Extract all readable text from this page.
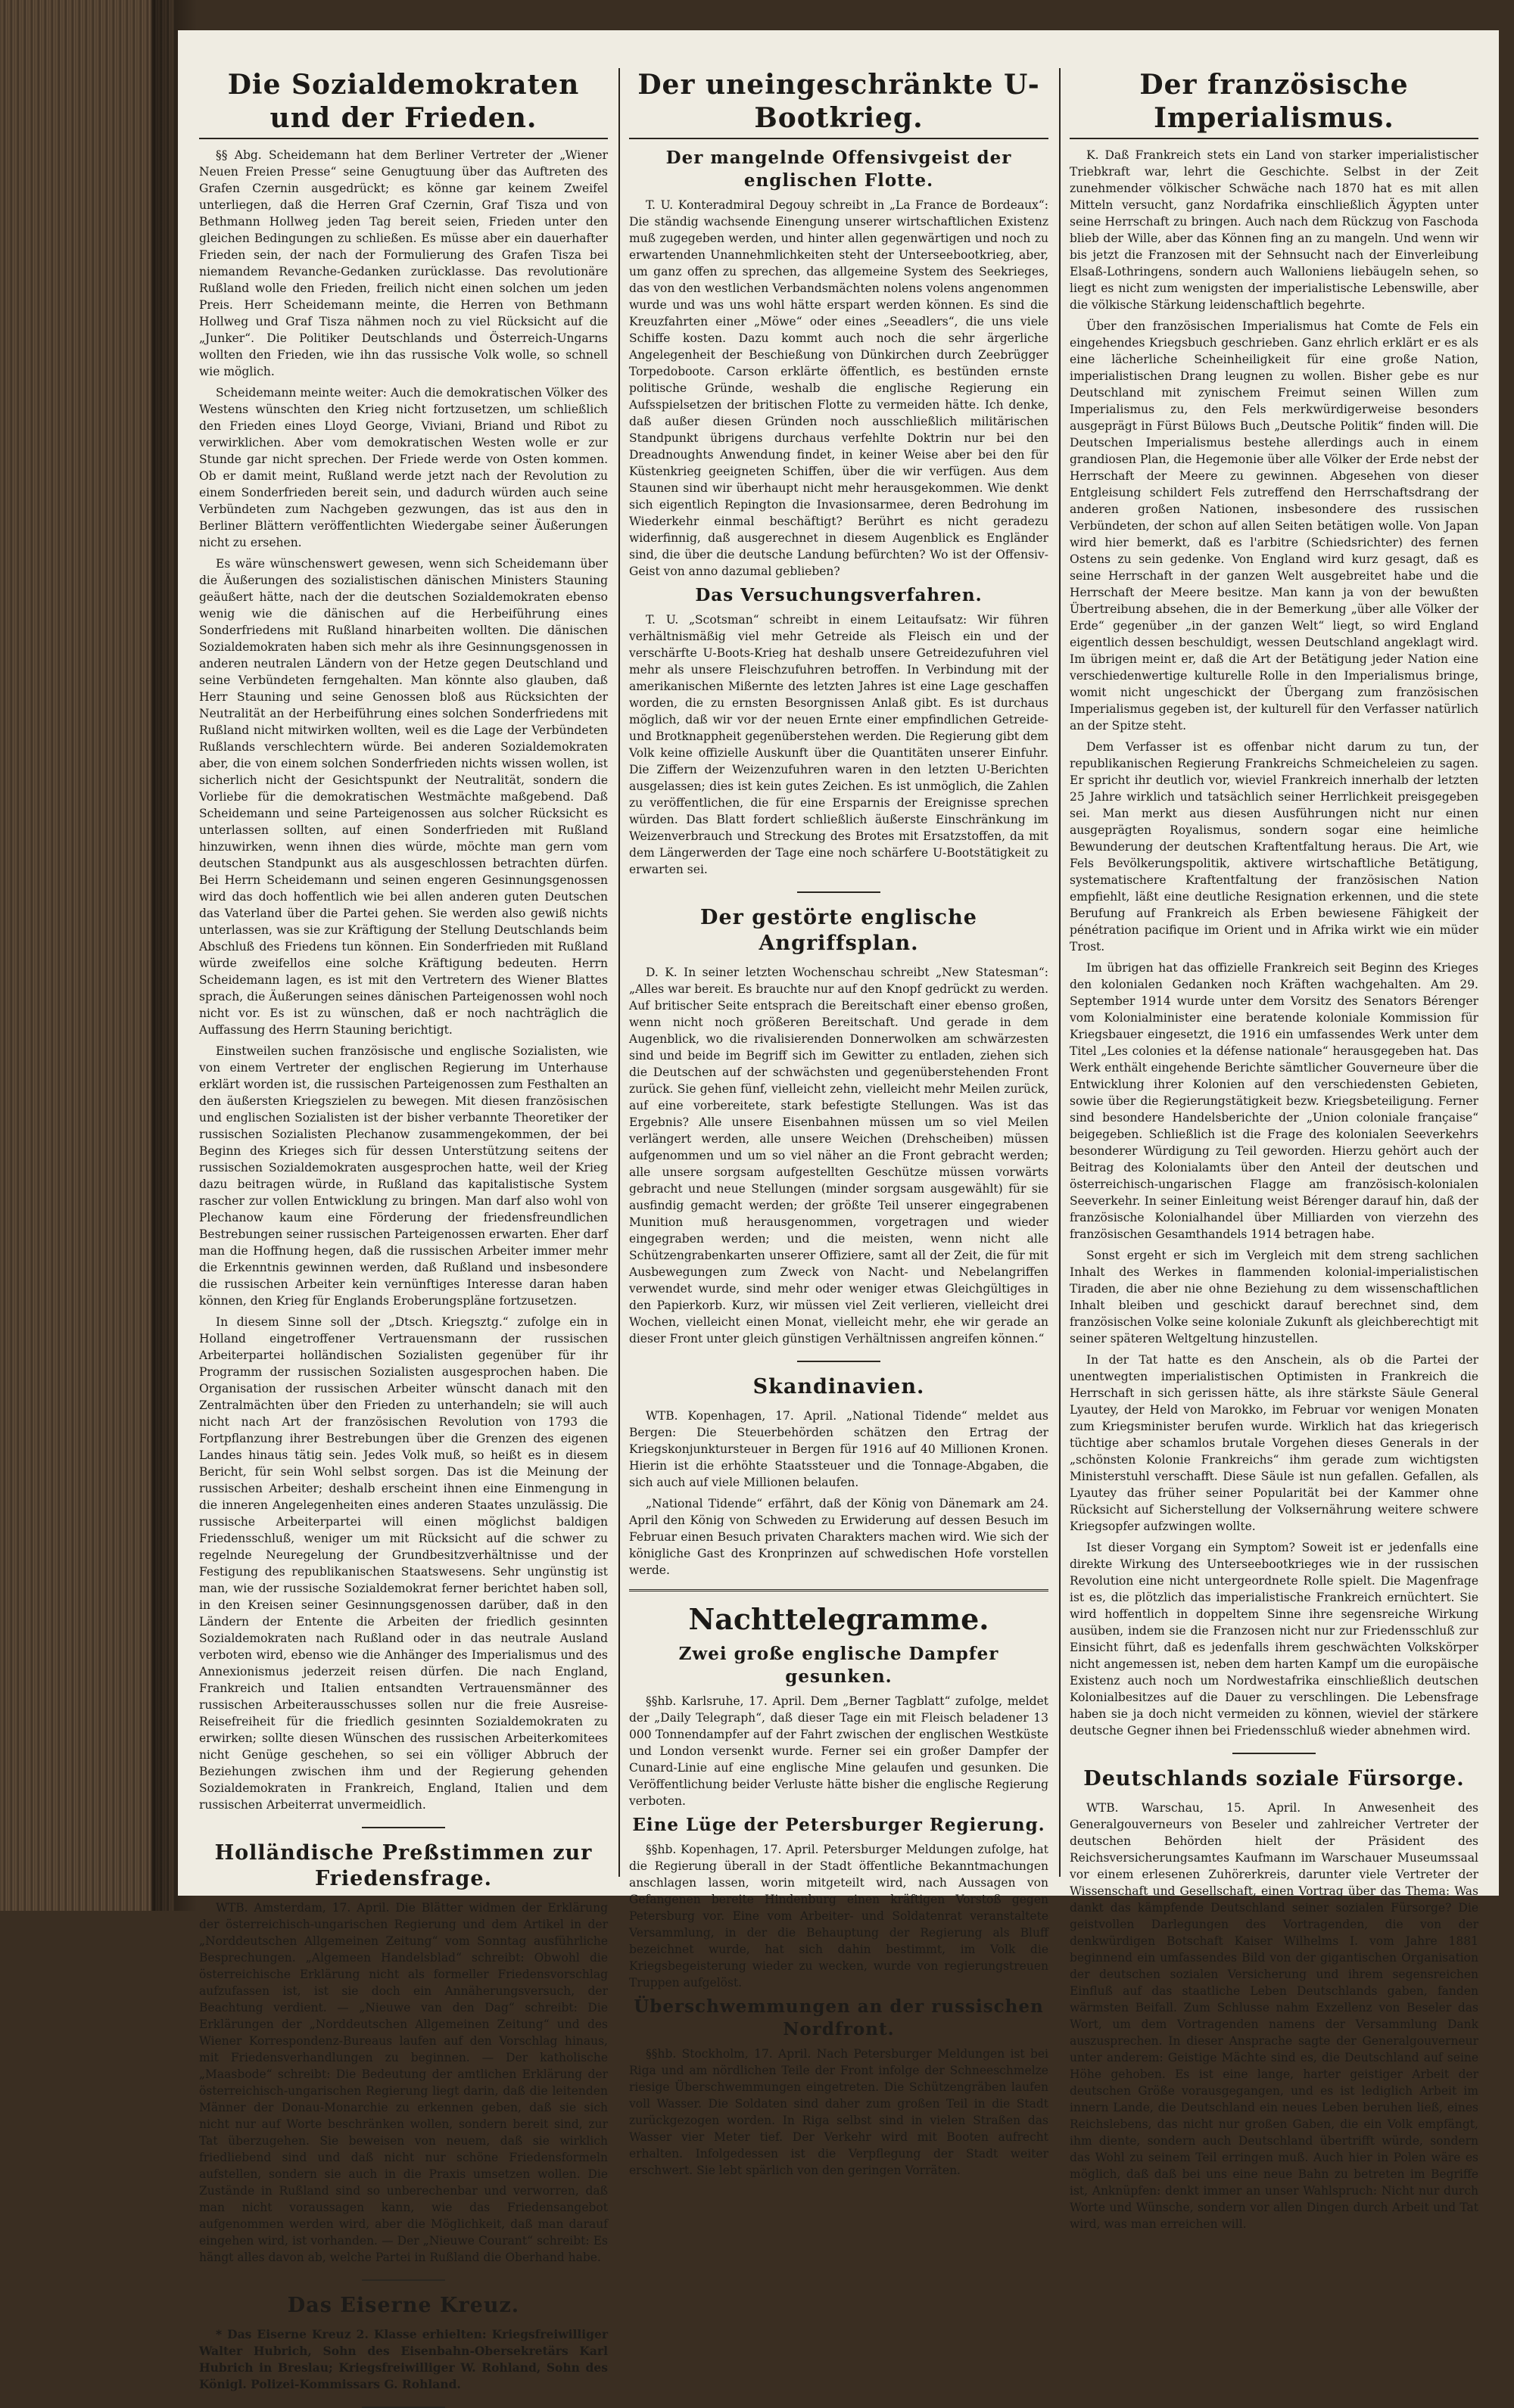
Die Sozialdemokraten und der Frieden.

§§ Abg. Scheidemann hat dem Berliner Vertreter der „Wiener Neuen Freien Presse“ seine Genugtuung über das Auftreten des Grafen Czernin ausgedrückt; es könne gar keinem Zweifel unterliegen, daß die Herren Graf Czernin, Graf Tisza und von Bethmann Hollweg jeden Tag bereit seien, Frieden unter den gleichen Bedingungen zu schließen. Es müsse aber ein dauerhafter Frieden sein, der nach der Formulierung des Grafen Tisza bei niemandem Revanche-Gedanken zurücklasse. Das revolutionäre Rußland wolle den Frieden, freilich nicht einen solchen um jeden Preis. Herr Scheidemann meinte, die Herren von Bethmann Hollweg und Graf Tisza nähmen noch zu viel Rücksicht auf die „Junker“. Die Politiker Deutschlands und Österreich-Ungarns wollten den Frieden, wie ihn das russische Volk wolle, so schnell wie möglich.

Scheidemann meinte weiter: Auch die demokratischen Völker des Westens wünschten den Krieg nicht fortzusetzen, um schließlich den Frieden eines Lloyd George, Viviani, Briand und Ribot zu verwirklichen. Aber vom demokratischen Westen wolle er zur Stunde gar nicht sprechen. Der Friede werde von Osten kommen. Ob er damit meint, Rußland werde jetzt nach der Revolution zu einem Sonderfrieden bereit sein, und dadurch würden auch seine Verbündeten zum Nachgeben gezwungen, das ist aus den in Berliner Blättern veröffentlichten Wiedergabe seiner Äußerungen nicht zu ersehen.

Es wäre wünschenswert gewesen, wenn sich Scheidemann über die Äußerungen des sozialistischen dänischen Ministers Stauning geäußert hätte, nach der die deutschen Sozialdemokraten ebenso wenig wie die dänischen auf die Herbeiführung eines Sonderfriedens mit Rußland hinarbeiten wollten. Die dänischen Sozialdemokraten haben sich mehr als ihre Gesinnungsgenossen in anderen neutralen Ländern von der Hetze gegen Deutschland und seine Verbündeten ferngehalten. Man könnte also glauben, daß Herr Stauning und seine Genossen bloß aus Rücksichten der Neutralität an der Herbeiführung eines solchen Sonderfriedens mit Rußland nicht mitwirken wollten, weil es die Lage der Verbündeten Rußlands verschlechtern würde. Bei anderen Sozialdemokraten aber, die von einem solchen Sonderfrieden nichts wissen wollen, ist sicherlich nicht der Gesichtspunkt der Neutralität, sondern die Vorliebe für die demokratischen Westmächte maßgebend. Daß Scheidemann und seine Parteigenossen aus solcher Rücksicht es unterlassen sollten, auf einen Sonderfrieden mit Rußland hinzuwirken, wenn ihnen dies würde, möchte man gern vom deutschen Standpunkt aus als ausgeschlossen betrachten dürfen. Bei Herrn Scheidemann und seinen engeren Gesinnungsgenossen wird das doch hoffentlich wie bei allen anderen guten Deutschen das Vaterland über die Partei gehen. Sie werden also gewiß nichts unterlassen, was sie zur Kräftigung der Stellung Deutschlands beim Abschluß des Friedens tun können. Ein Sonderfrieden mit Rußland würde zweifellos eine solche Kräftigung bedeuten. Herrn Scheidemann lagen, es ist mit den Vertretern des Wiener Blattes sprach, die Äußerungen seines dänischen Parteigenossen wohl noch nicht vor. Es ist zu wünschen, daß er noch nachträglich die Auffassung des Herrn Stauning berichtigt.

Einstweilen suchen französische und englische Sozialisten, wie von einem Vertreter der englischen Regierung im Unterhause erklärt worden ist, die russischen Parteigenossen zum Festhalten an den äußersten Kriegszielen zu bewegen. Mit diesen französischen und englischen Sozialisten ist der bisher verbannte Theoretiker der russischen Sozialisten Plechanow zusammengekommen, der bei Beginn des Krieges sich für dessen Unterstützung seitens der russischen Sozialdemokraten ausgesprochen hatte, weil der Krieg dazu beitragen würde, in Rußland das kapitalistische System rascher zur vollen Entwicklung zu bringen. Man darf also wohl von Plechanow kaum eine Förderung der friedensfreundlichen Bestrebungen seiner russischen Parteigenossen erwarten. Eher darf man die Hoffnung hegen, daß die russischen Arbeiter immer mehr die Erkenntnis gewinnen werden, daß Rußland und insbesondere die russischen Arbeiter kein vernünftiges Interesse daran haben können, den Krieg für Englands Eroberungspläne fortzusetzen.

In diesem Sinne soll der „Dtsch. Kriegsztg.“ zufolge ein in Holland eingetroffener Vertrauensmann der russischen Arbeiterpartei holländischen Sozialisten gegenüber für ihr Programm der russischen Sozialisten ausgesprochen haben. Die Organisation der russischen Arbeiter wünscht danach mit den Zentralmächten über den Frieden zu unterhandeln; sie will auch nicht nach Art der französischen Revolution von 1793 die Fortpflanzung ihrer Bestrebungen über die Grenzen des eigenen Landes hinaus tätig sein. Jedes Volk muß, so heißt es in diesem Bericht, für sein Wohl selbst sorgen. Das ist die Meinung der russischen Arbeiter; deshalb erscheint ihnen eine Einmengung in die inneren Angelegenheiten eines anderen Staates unzulässig. Die russische Arbeiterpartei will einen möglichst baldigen Friedensschluß, weniger um mit Rücksicht auf die schwer zu regelnde Neuregelung der Grundbesitzverhältnisse und der Festigung des republikanischen Staatswesens. Sehr ungünstig ist man, wie der russische Sozialdemokrat ferner berichtet haben soll, in den Kreisen seiner Gesinnungsgenossen darüber, daß in den Ländern der Entente die Arbeiten der friedlich gesinnten Sozialdemokraten nach Rußland oder in das neutrale Ausland verboten wird, ebenso wie die Anhänger des Imperialismus und des Annexionismus jederzeit reisen dürfen. Die nach England, Frankreich und Italien entsandten Vertrauensmänner des russischen Arbeiterausschusses sollen nur die freie Ausreise-Reisefreiheit für die friedlich gesinnten Sozialdemokraten zu erwirken; sollte diesen Wünschen des russischen Arbeiterkomitees nicht Genüge geschehen, so sei ein völliger Abbruch der Beziehungen zwischen ihm und der Regierung gehenden Sozialdemokraten in Frankreich, England, Italien und dem russischen Arbeiterrat unvermeidlich.

Holländische Preßstimmen zur Friedensfrage.

WTB. Amsterdam, 17. April. Die Blätter widmen der Erklärung der österreichisch-ungarischen Regierung und dem Artikel in der „Norddeutschen Allgemeinen Zeitung“ vom Sonntag ausführliche Besprechungen. „Algemeen Handelsblad“ schreibt: Obwohl die österreichische Erklärung nicht als formeller Friedensvorschlag aufzufassen ist, ist sie doch ein Annäherungsversuch, der Beachtung verdient. — „Nieuwe van den Dag“ schreibt: Die Erklärungen der „Norddeutschen Allgemeinen Zeitung“ und des Wiener Korrespondenz-Bureaus laufen auf den Vorschlag hinaus, mit Friedensverhandlungen zu beginnen. — Der katholische „Maasbode“ schreibt: Die Bedeutung der amtlichen Erklärung der österreichisch-ungarischen Regierung liegt darin, daß die leitenden Männer der Donau-Monarchie zu erkennen geben, daß sie sich nicht nur auf Worte beschränken wollen, sondern bereit sind, zur Tat überzugehen. Sie beweisen von neuem, daß sie wirklich friedliebend sind und daß nicht nur schöne Friedensformeln aufstellen, sondern sie auch in die Praxis umsetzen wollen. Die Zustände in Rußland sind so unberechenbar und verworren, daß man nicht voraussagen kann, wie das Friedensangebot aufgenommen werden wird, aber die Möglichkeit, daß man darauf eingehen wird, ist vorhanden. — Der „Nieuwe Courant“ schreibt: Es hängt alles davon ab, welche Partei in Rußland die Oberhand habe.

Das Eiserne Kreuz.

* Das Eiserne Kreuz 2. Klasse erhielten: Kriegsfreiwilliger Walter Hubrich, Sohn des Eisenbahn-Obersekretärs Karl Hubrich in Breslau; Kriegsfreiwilliger W. Rohland, Sohn des Königl. Polizei-Kommissars G. Rohland.

Der uneingeschränkte U-Bootkrieg.
Der mangelnde Offensivgeist der englischen Flotte.

T. U. Konteradmiral Degouy schreibt in „La France de Bordeaux“: Die ständig wachsende Einengung unserer wirtschaftlichen Existenz muß zugegeben werden, und hinter allen gegenwärtigen und noch zu erwartenden Unannehmlichkeiten steht der Unterseebootkrieg, aber, um ganz offen zu sprechen, das allgemeine System des Seekrieges, das von den westlichen Verbandsmächten nolens volens angenommen wurde und was uns wohl hätte erspart werden können. Es sind die Kreuzfahrten einer „Möwe“ oder eines „Seeadlers“, die uns viele Schiffe kosten. Dazu kommt auch noch die sehr ärgerliche Angelegenheit der Beschießung von Dünkirchen durch Zeebrügger Torpedoboote. Carson erklärte öffentlich, es bestünden ernste politische Gründe, weshalb die englische Regierung ein Aufsspielsetzen der britischen Flotte zu vermeiden hätte. Ich denke, daß außer diesen Gründen noch ausschließlich militärischen Standpunkt übrigens durchaus verfehlte Doktrin nur bei den Dreadnoughts Anwendung findet, in keiner Weise aber bei den für Küstenkrieg geeigneten Schiffen, über die wir verfügen. Aus dem Staunen sind wir überhaupt nicht mehr herausgekommen. Wie denkt sich eigentlich Repington die Invasionsarmee, deren Bedrohung im Wiederkehr einmal beschäftigt? Berührt es nicht geradezu widerfinnig, daß ausgerechnet in diesem Augenblick es Engländer sind, die über die deutsche Landung befürchten? Wo ist der Offensiv-Geist von anno dazumal geblieben?

Das Versuchungsverfahren.

T. U. „Scotsman“ schreibt in einem Leitaufsatz: Wir führen verhältnismäßig viel mehr Getreide als Fleisch ein und der verschärfte U-Boots-Krieg hat deshalb unsere Getreidezufuhren viel mehr als unsere Fleischzufuhren betroffen. In Verbindung mit der amerikanischen Mißernte des letzten Jahres ist eine Lage geschaffen worden, die zu ernsten Besorgnissen Anlaß gibt. Es ist durchaus möglich, daß wir vor der neuen Ernte einer empfindlichen Getreide- und Brotknappheit gegenüberstehen werden. Die Regierung gibt dem Volk keine offizielle Auskunft über die Quantitäten unserer Einfuhr. Die Ziffern der Weizenzufuhren waren in den letzten U-Berichten ausgelassen; dies ist kein gutes Zeichen. Es ist unmöglich, die Zahlen zu veröffentlichen, die für eine Ersparnis der Ereignisse sprechen würden. Das Blatt fordert schließlich äußerste Einschränkung im Weizenverbrauch und Streckung des Brotes mit Ersatzstoffen, da mit dem Längerwerden der Tage eine noch schärfere U-Bootstätigkeit zu erwarten sei.

Der gestörte englische Angriffsplan.

D. K. In seiner letzten Wochenschau schreibt „New Statesman“: „Alles war bereit. Es brauchte nur auf den Knopf gedrückt zu werden. Auf britischer Seite entsprach die Bereitschaft einer ebenso großen, wenn nicht noch größeren Bereitschaft. Und gerade in dem Augenblick, wo die rivalisierenden Donnerwolken am schwärzesten sind und beide im Begriff sich im Gewitter zu entladen, ziehen sich die Deutschen auf der schwächsten und gegenüberstehenden Front zurück. Sie gehen fünf, vielleicht zehn, vielleicht mehr Meilen zurück, auf eine vorbereitete, stark befestigte Stellungen. Was ist das Ergebnis? Alle unsere Eisenbahnen müssen um so viel Meilen verlängert werden, alle unsere Weichen (Drehscheiben) müssen aufgenommen und um so viel näher an die Front gebracht werden; alle unsere sorgsam aufgestellten Geschütze müssen vorwärts gebracht und neue Stellungen (minder sorgsam ausgewählt) für sie ausfindig gemacht werden; der größte Teil unserer eingegrabenen Munition muß herausgenommen, vorgetragen und wieder eingegraben werden; und die meisten, wenn nicht alle Schützengrabenkarten unserer Offiziere, samt all der Zeit, die für mit Ausbewegungen zum Zweck von Nacht- und Nebelangriffen verwendet wurde, sind mehr oder weniger etwas Gleichgültiges in den Papierkorb. Kurz, wir müssen viel Zeit verlieren, vielleicht drei Wochen, vielleicht einen Monat, vielleicht mehr, ehe wir gerade an dieser Front unter gleich günstigen Verhältnissen angreifen können.“

Skandinavien.

WTB. Kopenhagen, 17. April. „National Tidende“ meldet aus Bergen: Die Steuerbehörden schätzen den Ertrag der Kriegskonjunktursteuer in Bergen für 1916 auf 40 Millionen Kronen. Hierin ist die erhöhte Staatssteuer und die Tonnage-Abgaben, die sich auch auf viele Millionen belaufen.

„National Tidende“ erfährt, daß der König von Dänemark am 24. April den König von Schweden zu Erwiderung auf dessen Besuch im Februar einen Besuch privaten Charakters machen wird. Wie sich der königliche Gast des Kronprinzen auf schwedischen Hofe vorstellen werde.

Nachttelegramme.
Zwei große englische Dampfer gesunken.

§§hb. Karlsruhe, 17. April. Dem „Berner Tagblatt“ zufolge, meldet der „Daily Telegraph“, daß dieser Tage ein mit Fleisch beladener 13 000 Tonnendampfer auf der Fahrt zwischen der englischen Westküste und London versenkt wurde. Ferner sei ein großer Dampfer der Cunard-Linie auf eine englische Mine gelaufen und gesunken. Die Veröffentlichung beider Verluste hätte bisher die englische Regierung verboten.

Eine Lüge der Petersburger Regierung.

§§hb. Kopenhagen, 17. April. Petersburger Meldungen zufolge, hat die Regierung überall in der Stadt öffentliche Bekanntmachungen anschlagen lassen, worin mitgeteilt wird, nach Aussagen von Gefangenen bereite Hindenburg einen kräftigen Vorstoß gegen Petersburg vor. Eine vom Arbeiter- und Soldatenrat veranstaltete Versammlung, in der die Behauptung der Regierung als Bluff bezeichnet wurde, hat sich dahin bestimmt, im Volk die Kriegsbegeisterung wieder zu wecken, wurde von regierungstreuen Truppen aufgelöst.

Überschwemmungen an der russischen Nordfront.

§§hb. Stockholm, 17. April. Nach Petersburger Meldungen ist bei Riga und am nördlichen Teile der Front infolge der Schneeschmelze riesige Überschwemmungen eingetreten. Die Schützengräben laufen voll Wasser. Die Soldaten sind daher zum großen Teil in die Stadt zurückgezogen worden. In Riga selbst sind in vielen Straßen das Wasser vier Meter tief. Der Verkehr wird mit Booten aufrecht erhalten. Infolgedessen ist die Verpflegung der Stadt weiter erschwert. Sie lebt spärlich von den geringen Vorräten.

Der französische Imperialismus.

K. Daß Frankreich stets ein Land von starker imperialistischer Triebkraft war, lehrt die Geschichte. Selbst in der Zeit zunehmender völkischer Schwäche nach 1870 hat es mit allen Mitteln versucht, ganz Nordafrika einschließlich Ägypten unter seine Herrschaft zu bringen. Auch nach dem Rückzug von Faschoda blieb der Wille, aber das Können fing an zu mangeln. Und wenn wir bis jetzt die Franzosen mit der Sehnsucht nach der Einverleibung Elsaß-Lothringens, sondern auch Walloniens liebäugeln sehen, so liegt es nicht zum wenigsten der imperialistische Lebenswille, aber die völkische Stärkung leidenschaftlich begehrte.

Über den französischen Imperialismus hat Comte de Fels ein eingehendes Kriegsbuch geschrieben. Ganz ehrlich erklärt er es als eine lächerliche Scheinheiligkeit für eine große Nation, imperialistischen Drang leugnen zu wollen. Bisher gebe es nur Deutschland mit zynischem Freimut seinen Willen zum Imperialismus zu, den Fels merkwürdigerweise besonders ausgeprägt in Fürst Bülows Buch „Deutsche Politik“ finden will. Die Deutschen Imperialismus bestehe allerdings auch in einem grandiosen Plan, die Hegemonie über alle Völker der Erde nebst der Herrschaft der Meere zu gewinnen. Abgesehen von dieser Entgleisung schildert Fels zutreffend den Herrschaftsdrang der anderen großen Nationen, insbesondere des russischen Verbündeten, der schon auf allen Seiten betätigen wolle. Von Japan wird hier bemerkt, daß es l'arbitre (Schiedsrichter) des fernen Ostens zu sein gedenke. Von England wird kurz gesagt, daß es seine Herrschaft in der ganzen Welt ausgebreitet habe und die Herrschaft der Meere besitze. Man kann ja von der bewußten Übertreibung absehen, die in der Bemerkung „über alle Völker der Erde“ gegenüber „in der ganzen Welt“ liegt, so wird England eigentlich dessen beschuldigt, wessen Deutschland angeklagt wird. Im übrigen meint er, daß die Art der Betätigung jeder Nation eine verschiedenwertige kulturelle Rolle in den Imperialismus bringe, womit nicht ungeschickt der Übergang zum französischen Imperialismus gegeben ist, der kulturell für den Verfasser natürlich an der Spitze steht.

Dem Verfasser ist es offenbar nicht darum zu tun, der republikanischen Regierung Frankreichs Schmeicheleien zu sagen. Er spricht ihr deutlich vor, wieviel Frankreich innerhalb der letzten 25 Jahre wirklich und tatsächlich seiner Herrlichkeit preisgegeben sei. Man merkt aus diesen Ausführungen nicht nur einen ausgeprägten Royalismus, sondern sogar eine heimliche Bewunderung der deutschen Kraftentfaltung heraus. Die Art, wie Fels Bevölkerungspolitik, aktivere wirtschaftliche Betätigung, systematischere Kraftentfaltung der französischen Nation empfiehlt, läßt eine deutliche Resignation erkennen, und die stete Berufung auf Frankreich als Erben bewiesene Fähigkeit der pénétration pacifique im Orient und in Afrika wirkt wie ein müder Trost.

Im übrigen hat das offizielle Frankreich seit Beginn des Krieges den kolonialen Gedanken noch Kräften wachgehalten. Am 29. September 1914 wurde unter dem Vorsitz des Senators Bérenger vom Kolonialminister eine beratende koloniale Kommission für Kriegsbauer eingesetzt, die 1916 ein umfassendes Werk unter dem Titel „Les colonies et la défense nationale“ herausgegeben hat. Das Werk enthält eingehende Berichte sämtlicher Gouverneure über die Entwicklung ihrer Kolonien auf den verschiedensten Gebieten, sowie über die Regierungstätigkeit bezw. Kriegsbeteiligung. Ferner sind besondere Handelsberichte der „Union coloniale française“ beigegeben. Schließlich ist die Frage des kolonialen Seeverkehrs besonderer Würdigung zu Teil geworden. Hierzu gehört auch der Beitrag des Kolonialamts über den Anteil der deutschen und österreichisch-ungarischen Flagge am französisch-kolonialen Seeverkehr. In seiner Einleitung weist Bérenger darauf hin, daß der französische Kolonialhandel über Milliarden von vierzehn des französischen Gesamthandels 1914 betragen habe.

Sonst ergeht er sich im Vergleich mit dem streng sachlichen Inhalt des Werkes in flammenden kolonial-imperialistischen Tiraden, die aber nie ohne Beziehung zu dem wissenschaftlichen Inhalt bleiben und geschickt darauf berechnet sind, dem französischen Volke seine koloniale Zukunft als gleichberechtigt mit seiner späteren Weltgeltung hinzustellen.

In der Tat hatte es den Anschein, als ob die Partei der unentwegten imperialistischen Optimisten in Frankreich die Herrschaft in sich gerissen hätte, als ihre stärkste Säule General Lyautey, der Held von Marokko, im Februar vor wenigen Monaten zum Kriegsminister berufen wurde. Wirklich hat das kriegerisch tüchtige aber schamlos brutale Vorgehen dieses Generals in der „schönsten Kolonie Frankreichs“ ihm gerade zum wichtigsten Ministerstuhl verschafft. Diese Säule ist nun gefallen. Gefallen, als Lyautey das früher seiner Popularität bei der Kammer ohne Rücksicht auf Sicherstellung der Volksernährung weitere schwere Kriegsopfer aufzwingen wollte.

Ist dieser Vorgang ein Symptom? Soweit ist er jedenfalls eine direkte Wirkung des Unterseebootkrieges wie in der russischen Revolution eine nicht untergeordnete Rolle spielt. Die Magenfrage ist es, die plötzlich das imperialistische Frankreich ernüchtert. Sie wird hoffentlich in doppeltem Sinne ihre segensreiche Wirkung ausüben, indem sie die Franzosen nicht nur zur Friedensschluß zur Einsicht führt, daß es jedenfalls ihrem geschwächten Volkskörper nicht angemessen ist, neben dem harten Kampf um die europäische Existenz auch noch um Nordwestafrika einschließlich deutschen Kolonialbesitzes auf die Dauer zu verschlingen. Die Lebensfrage haben sie ja doch nicht vermeiden zu können, wieviel der stärkere deutsche Gegner ihnen bei Friedensschluß wieder abnehmen wird.

Deutschlands soziale Fürsorge.

WTB. Warschau, 15. April. In Anwesenheit des Generalgouverneurs von Beseler und zahlreicher Vertreter der deutschen Behörden hielt der Präsident des Reichsversicherungsamtes Kaufmann im Warschauer Museumssaal vor einem erlesenen Zuhörerkreis, darunter viele Vertreter der Wissenschaft und Gesellschaft, einen Vortrag über das Thema: Was dankt das kämpfende Deutschland seiner sozialen Fürsorge? Die geistvollen Darlegungen des Vortragenden, die von der denkwürdigen Botschaft Kaiser Wilhelms I. vom Jahre 1881 beginnend ein umfassendes Bild von der gigantischen Organisation der deutschen sozialen Versicherung und ihrem segensreichen Einfluß auf das staatliche Leben Deutschlands gaben, fanden wärmsten Beifall. Zum Schlusse nahm Exzellenz von Beseler das Wort, um dem Vortragenden namens der Versammlung Dank auszusprechen. In dieser Ansprache sagte der Generalgouverneur unter anderem: Geistige Mächte sind es, die Deutschland auf seine Höhe gehoben. Es ist eine lange, harter geistiger Arbeit der deutschen Größe vorausgegangen, und es ist lediglich Arbeit im innern Lande, die Deutschland ein neues Leben beruhen ließ, eines Reichslebens, das nicht nur großen Gaben, die ein Volk empfängt, ihm diente, sondern auch Deutschland übertrifft würde, sondern das Wohl zu seinem Teil erringen muß. Auch hier in Polen wäre es möglich, daß daß bei uns eine neue Bahn zu betreten im Begriffe ist, Anknüpfen: denkt immer an unser Wahlspruch: Nicht nur durch Worte und Wünsche, sondern vor allen Dingen durch Arbeit und Tat wird, was man erreichen will.
